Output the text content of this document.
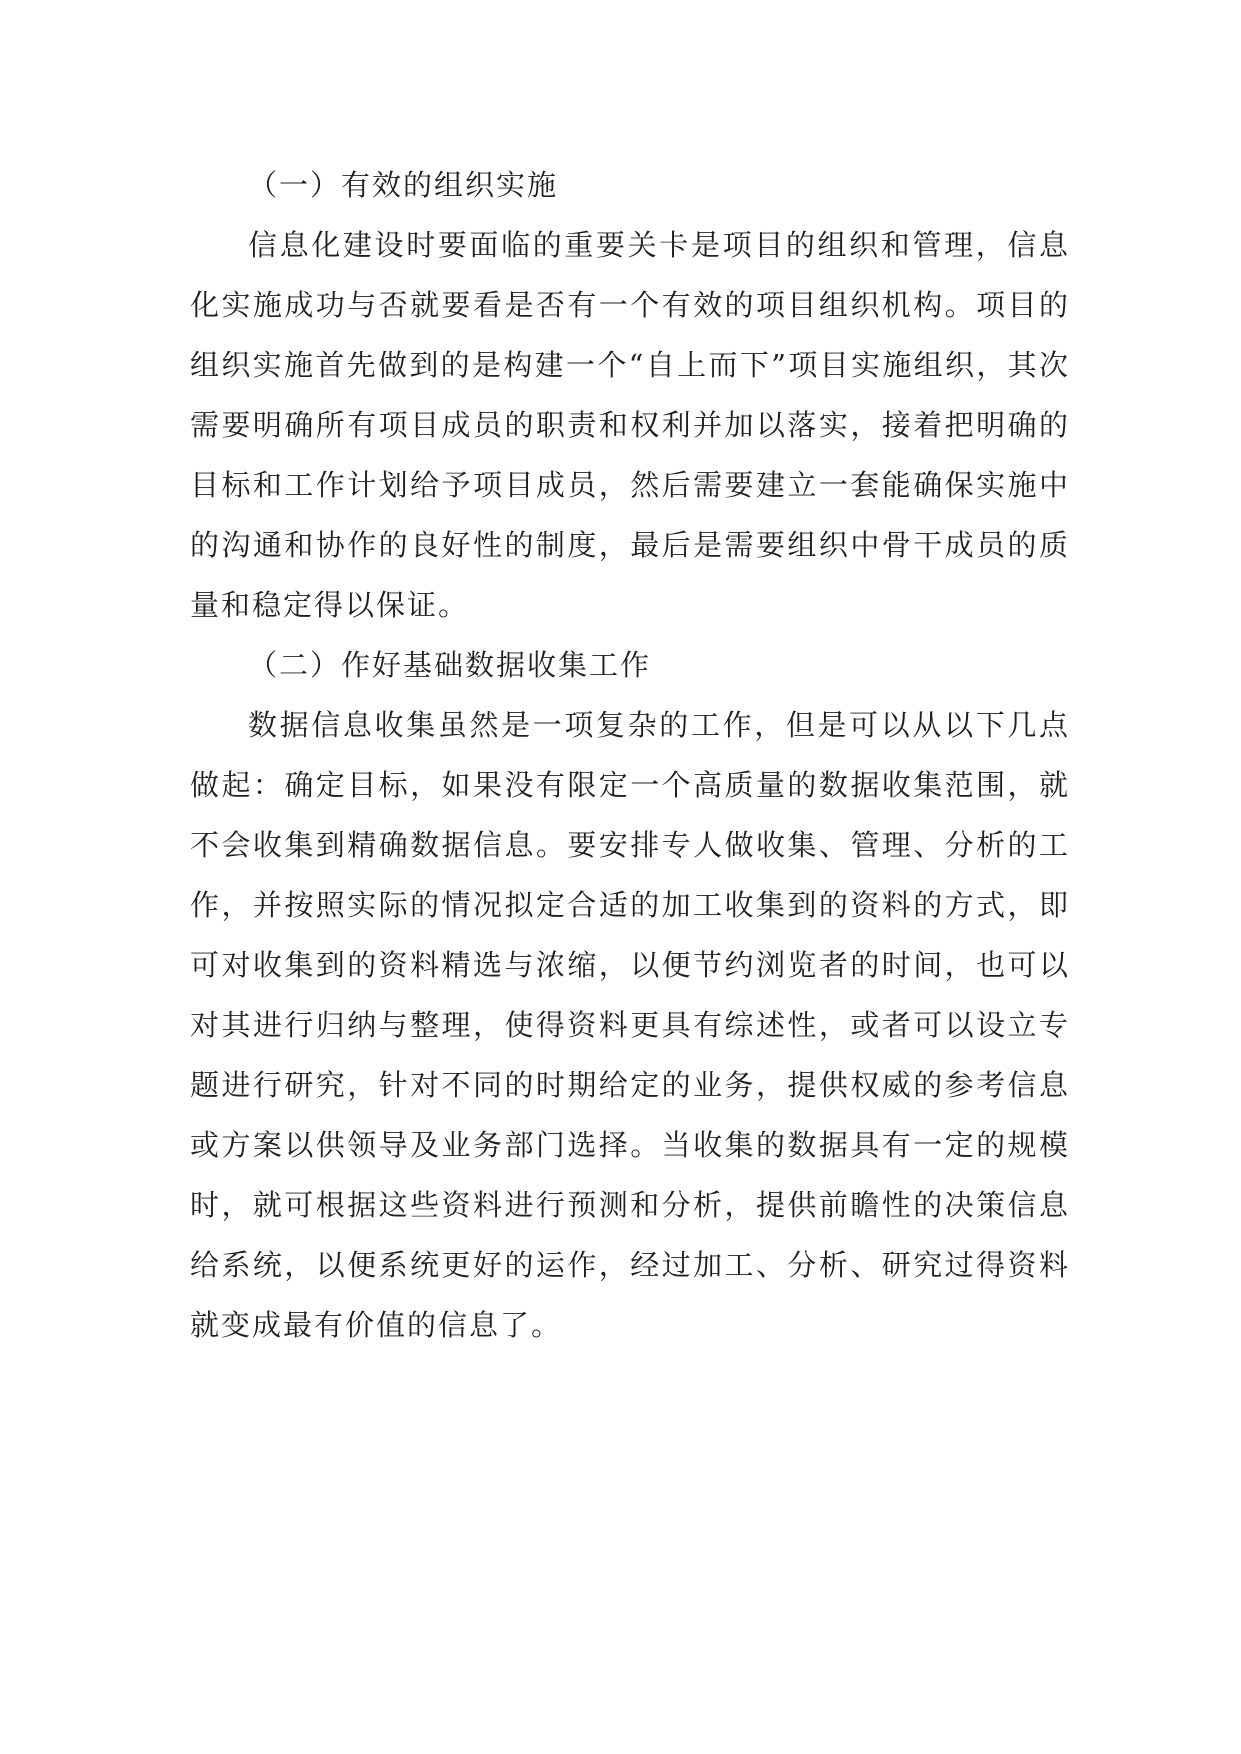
（一）有效的组织实施

信息化建设时要面临的重要关卡是项目的组织和管理，信息化实施成功与否就要看是否有一个有效的项目组织机构。项目的组织实施首先做到的是构建一个“自上而下”项目实施组织，其次需要明确所有项目成员的职责和权利并加以落实，接着把明确的目标和工作计划给予项目成员，然后需要建立一套能确保实施中的沟通和协作的良好性的制度，最后是需要组织中骨干成员的质量和稳定得以保证。

（二）作好基础数据收集工作

数据信息收集虽然是一项复杂的工作，但是可以从以下几点做起：确定目标，如果没有限定一个高质量的数据收集范围，就不会收集到精确数据信息。要安排专人做收集、管理、分析的工作，并按照实际的情况拟定合适的加工收集到的资料的方式，即可对收集到的资料精选与浓缩，以便节约浏览者的时间，也可以对其进行归纳与整理，使得资料更具有综述性，或者可以设立专题进行研究，针对不同的时期给定的业务，提供权威的参考信息或方案以供领导及业务部门选择。当收集的数据具有一定的规模时，就可根据这些资料进行预测和分析，提供前瞻性的决策信息给系统，以便系统更好的运作，经过加工、分析、研究过得资料就变成最有价值的信息了。
